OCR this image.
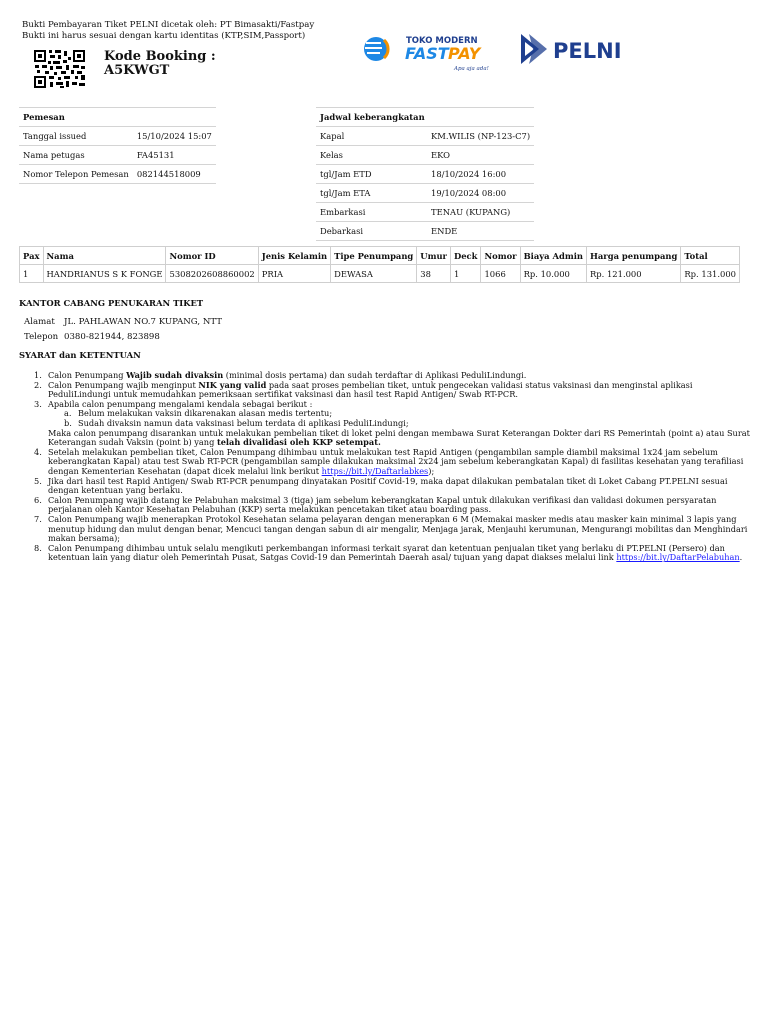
Bukti Pembayaran Tiket PELNI dicetak oleh: PT Bimasakti/Fastpay
Bukti ini harus sesuai dengan kartu identitas (KTP,SIM,Passport)
Kode Booking :
A5KWGT
TOKO MODERN
FAST PAY
Apa aja ada!
PELNI
Pemesan	
Tanggal issued	15/10/2024 15:07
Nama petugas	FA45131
Nomor Telepon Pemesan	082144518009
Jadwal keberangkatan	
Kapal	KM.WILIS (NP-123-C7)
Kelas	EKO
tgl/Jam ETD	18/10/2024 16:00
tgl/Jam ETA	19/10/2024 08:00
Embarkasi	TENAU (KUPANG)
Debarkasi	ENDE
Pax	Nama	Nomor ID	Jenis Kelamin	Tipe Penumpang	Umur	Deck	Nomor	Biaya Admin	Harga penumpang	Total
1	HANDRIANUS S K FONGE	5308202608860002	PRIA	DEWASA	38	1	1066	Rp. 10.000	Rp. 121.000	Rp. 131.000
KANTOR CABANG PENUKARAN TIKET
Alamat JL. PAHLAWAN NO.7 KUPANG, NTT
Telepon 0380-821944, 823898
SYARAT dan KETENTUAN
1. Calon Penumpang Wajib sudah divaksin (minimal dosis pertama) dan sudah terdaftar di Aplikasi PeduliLindungi.
2. Calon Penumpang wajib menginput NIK yang valid pada saat proses pembelian tiket, untuk pengecekan validasi status vaksinasi dan menginstal aplikasi PeduliLindungi untuk memudahkan pemeriksaan sertifikat vaksinasi dan hasil test Rapid Antigen/ Swab RT-PCR.
3. Apabila calon penumpang mengalami kendala sebagai berikut :
a. Belum melakukan vaksin dikarenakan alasan medis tertentu;
b. Sudah divaksin namun data vaksinasi belum terdata di aplikasi PeduliLindungi;
Maka calon penumpang disarankan untuk melakukan pembelian tiket di loket pelni dengan membawa Surat Keterangan Dokter dari RS Pemerintah (point a) atau Surat Keterangan sudah Vaksin (point b) yang telah divalidasi oleh KKP setempat.
4. Setelah melakukan pembelian tiket, Calon Penumpang dihimbau untuk melakukan test Rapid Antigen (pengambilan sample diambil maksimal 1x24 jam sebelum keberangkatan Kapal) atau test Swab RT-PCR (pengambilan sample dilakukan maksimal 2x24 jam sebelum keberangkatan Kapal) di fasilitas kesehatan yang terafiliasi dengan Kementerian Kesehatan (dapat dicek melalui link berikut https://bit.ly/Daftarlabkes);
5. Jika dari hasil test Rapid Antigen/ Swab RT-PCR penumpang dinyatakan Positif Covid-19, maka dapat dilakukan pembatalan tiket di Loket Cabang PT.PELNI sesuai dengan ketentuan yang berlaku.
6. Calon Penumpang wajib datang ke Pelabuhan maksimal 3 (tiga) jam sebelum keberangkatan Kapal untuk dilakukan verifikasi dan validasi dokumen persyaratan perjalanan oleh Kantor Kesehatan Pelabuhan (KKP) serta melakukan pencetakan tiket atau boarding pass.
7. Calon Penumpang wajib menerapkan Protokol Kesehatan selama pelayaran dengan menerapkan 6 M (Memakai masker medis atau masker kain minimal 3 lapis yang menutup hidung dan mulut dengan benar, Mencuci tangan dengan sabun di air mengalir, Menjaga jarak, Menjauhi kerumunan, Mengurangi mobilitas dan Menghindari makan bersama);
8. Calon Penumpang dihimbau untuk selalu mengikuti perkembangan informasi terkait syarat dan ketentuan penjualan tiket yang berlaku di PT.PELNI (Persero) dan ketentuan lain yang diatur oleh Pemerintah Pusat, Satgas Covid-19 dan Pemerintah Daerah asal/ tujuan yang dapat diakses melalui link https://bit.ly/DaftarPelabuhan.
